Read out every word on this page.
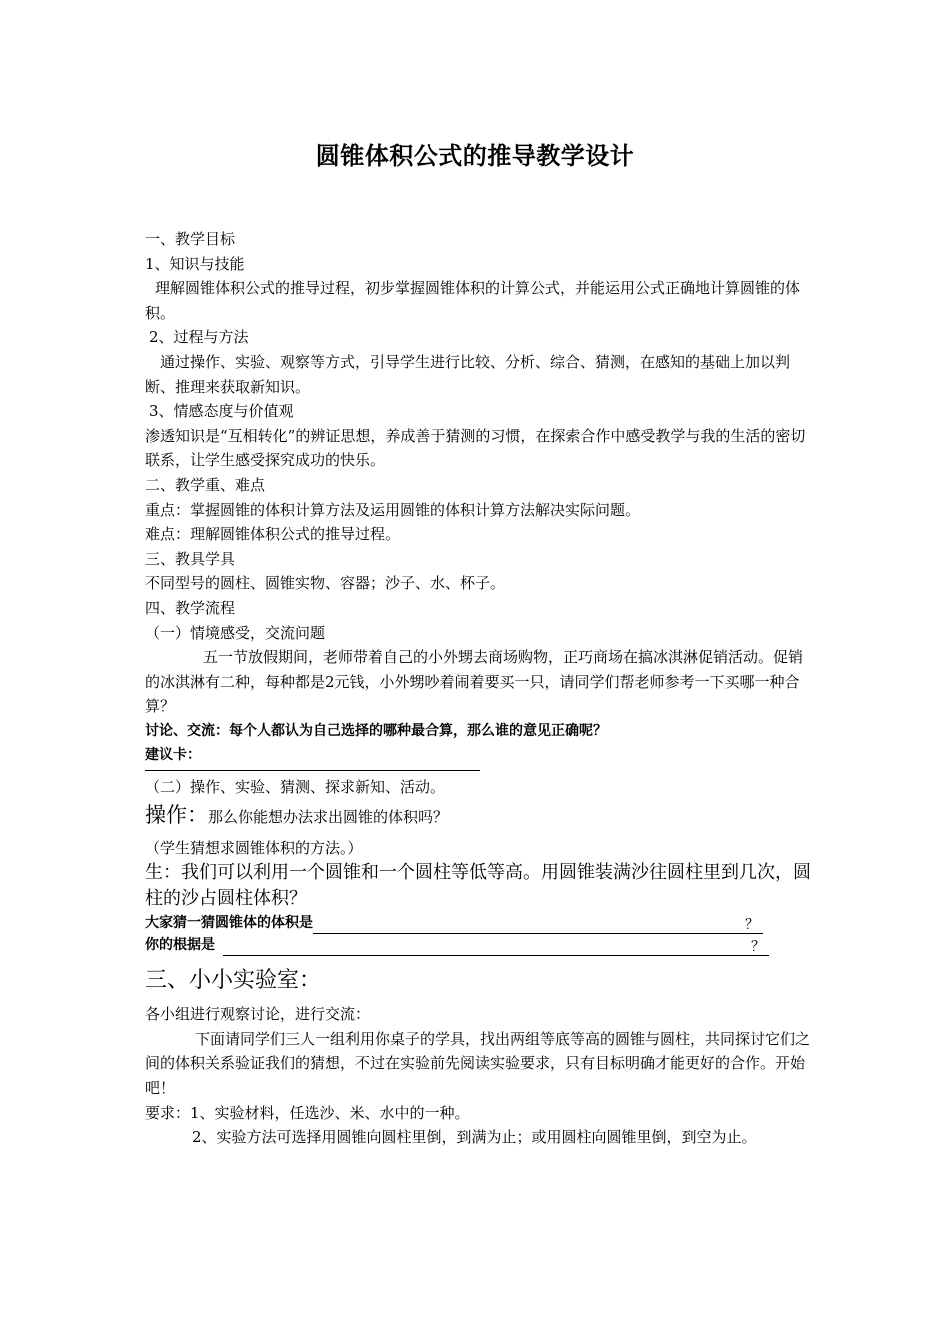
圆锥体积公式的推导教学设计

一、教学目标

1、知识与技能

理解圆锥体积公式的推导过程，初步掌握圆锥体积的计算公式，并能运用公式正确地计算圆锥的体积。

2、过程与方法

通过操作、实验、观察等方式，引导学生进行比较、分析、综合、猜测，在感知的基础上加以判断、推理来获取新知识。

3、情感态度与价值观

渗透知识是“互相转化”的辨证思想，养成善于猜测的习惯，在探索合作中感受教学与我的生活的密切联系，让学生感受探究成功的快乐。

二、教学重、难点

重点：掌握圆锥的体积计算方法及运用圆锥的体积计算方法解决实际问题。

难点：理解圆锥体积公式的推导过程。

三、教具学具

不同型号的圆柱、圆锥实物、容器；沙子、水、杯子。

四、教学流程

（一）情境感受，交流问题

五一节放假期间，老师带着自己的小外甥去商场购物，正巧商场在搞冰淇淋促销活动。促销的冰淇淋有二种，每种都是2元钱，小外甥吵着闹着要买一只，请同学们帮老师参考一下买哪一种合算？

讨论、交流：每个人都认为自己选择的哪种最合算，那么谁的意见正确呢？

建议卡：

（二）操作、实验、猜测、探求新知、活动。

操作：那么你能想办法求出圆锥的体积吗？

（学生猜想求圆锥体积的方法。）

生：我们可以利用一个圆锥和一个圆柱等低等高。用圆锥装满沙往圆柱里到几次，圆柱的沙占圆柱体积？

大家猜一猜圆锥体的体积是	？
你的根据是	？

三、小小实验室：

各小组进行观察讨论，进行交流：

下面请同学们三人一组利用你桌子的学具，找出两组等底等高的圆锥与圆柱，共同探讨它们之间的体积关系验证我们的猜想，不过在实验前先阅读实验要求，只有目标明确才能更好的合作。开始吧！

要求：1、实验材料，任选沙、米、水中的一种。

2、实验方法可选择用圆锥向圆柱里倒，到满为止；或用圆柱向圆锥里倒，到空为止。
